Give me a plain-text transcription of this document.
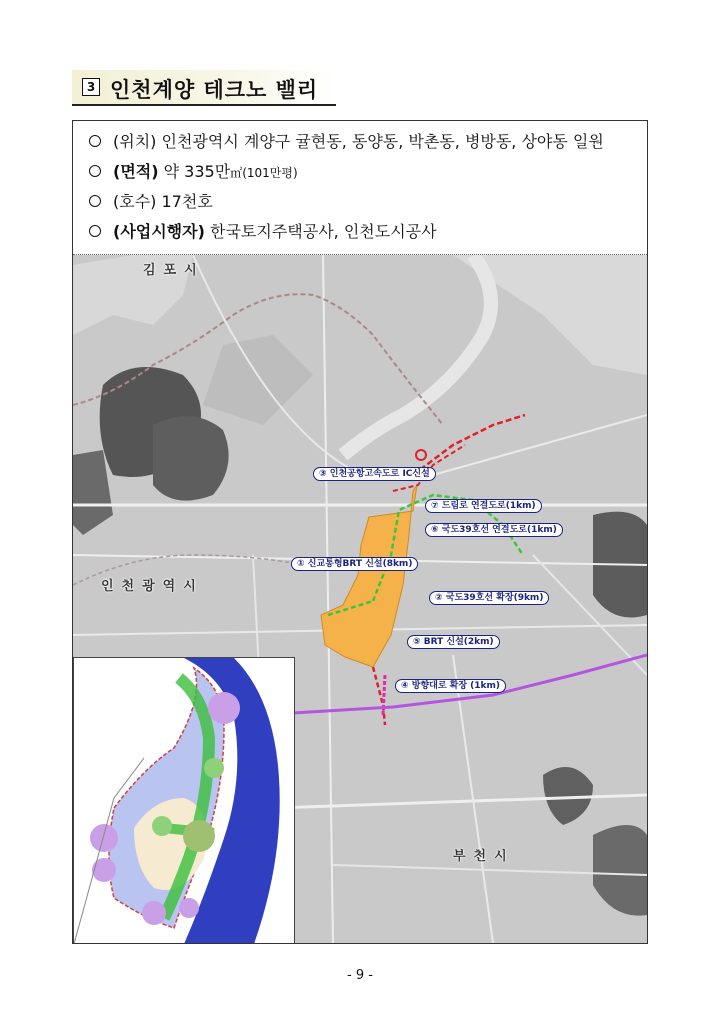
3 인천계양 테크노 밸리
(위치) 인천광역시 계양구 귤현동, 동양동, 박촌동, 병방동, 상야동 일원
(면적) 약 335만㎡(101만평)
(호수) 17천호
(사업시행자) 한국토지주택공사, 인천도시공사
김포시
인천광역시
부천시
③ 인천공항고속도로 IC신설
⑦ 드림로 연결도로(1km)
⑥ 국도39호선 연결도로(1km)
① 신교통형BRT 신설(8km)
② 국도39호선 확장(9km)
⑤ BRT 신설(2km)
④ 방향대로 확장 (1km)
- 9 -
